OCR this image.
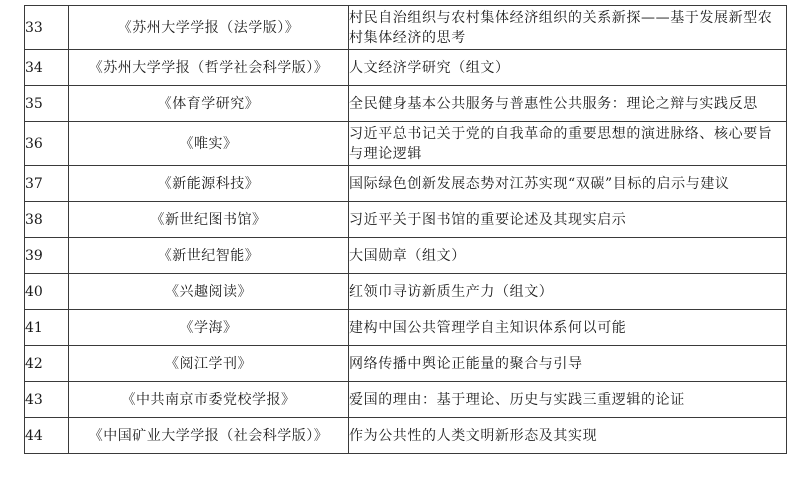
33	《苏州大学学报（法学版）》	村民自治组织与农村集体经济组织的关系新探——基于发展新型农村集体经济的思考
34	《苏州大学学报（哲学社会科学版）》	人文经济学研究（组文）
35	《体育学研究》	全民健身基本公共服务与普惠性公共服务：理论之辩与实践反思
36	《唯实》	习近平总书记关于党的自我革命的重要思想的演进脉络、核心要旨与理论逻辑
37	《新能源科技》	国际绿色创新发展态势对江苏实现“双碳”目标的启示与建议
38	《新世纪图书馆》	习近平关于图书馆的重要论述及其现实启示
39	《新世纪智能》	大国勋章（组文）
40	《兴趣阅读》	红领巾寻访新质生产力（组文）
41	《学海》	建构中国公共管理学自主知识体系何以可能
42	《阅江学刊》	网络传播中舆论正能量的聚合与引导
43	《中共南京市委党校学报》	爱国的理由：基于理论、历史与实践三重逻辑的论证
44	《中国矿业大学学报（社会科学版）》	作为公共性的人类文明新形态及其实现
